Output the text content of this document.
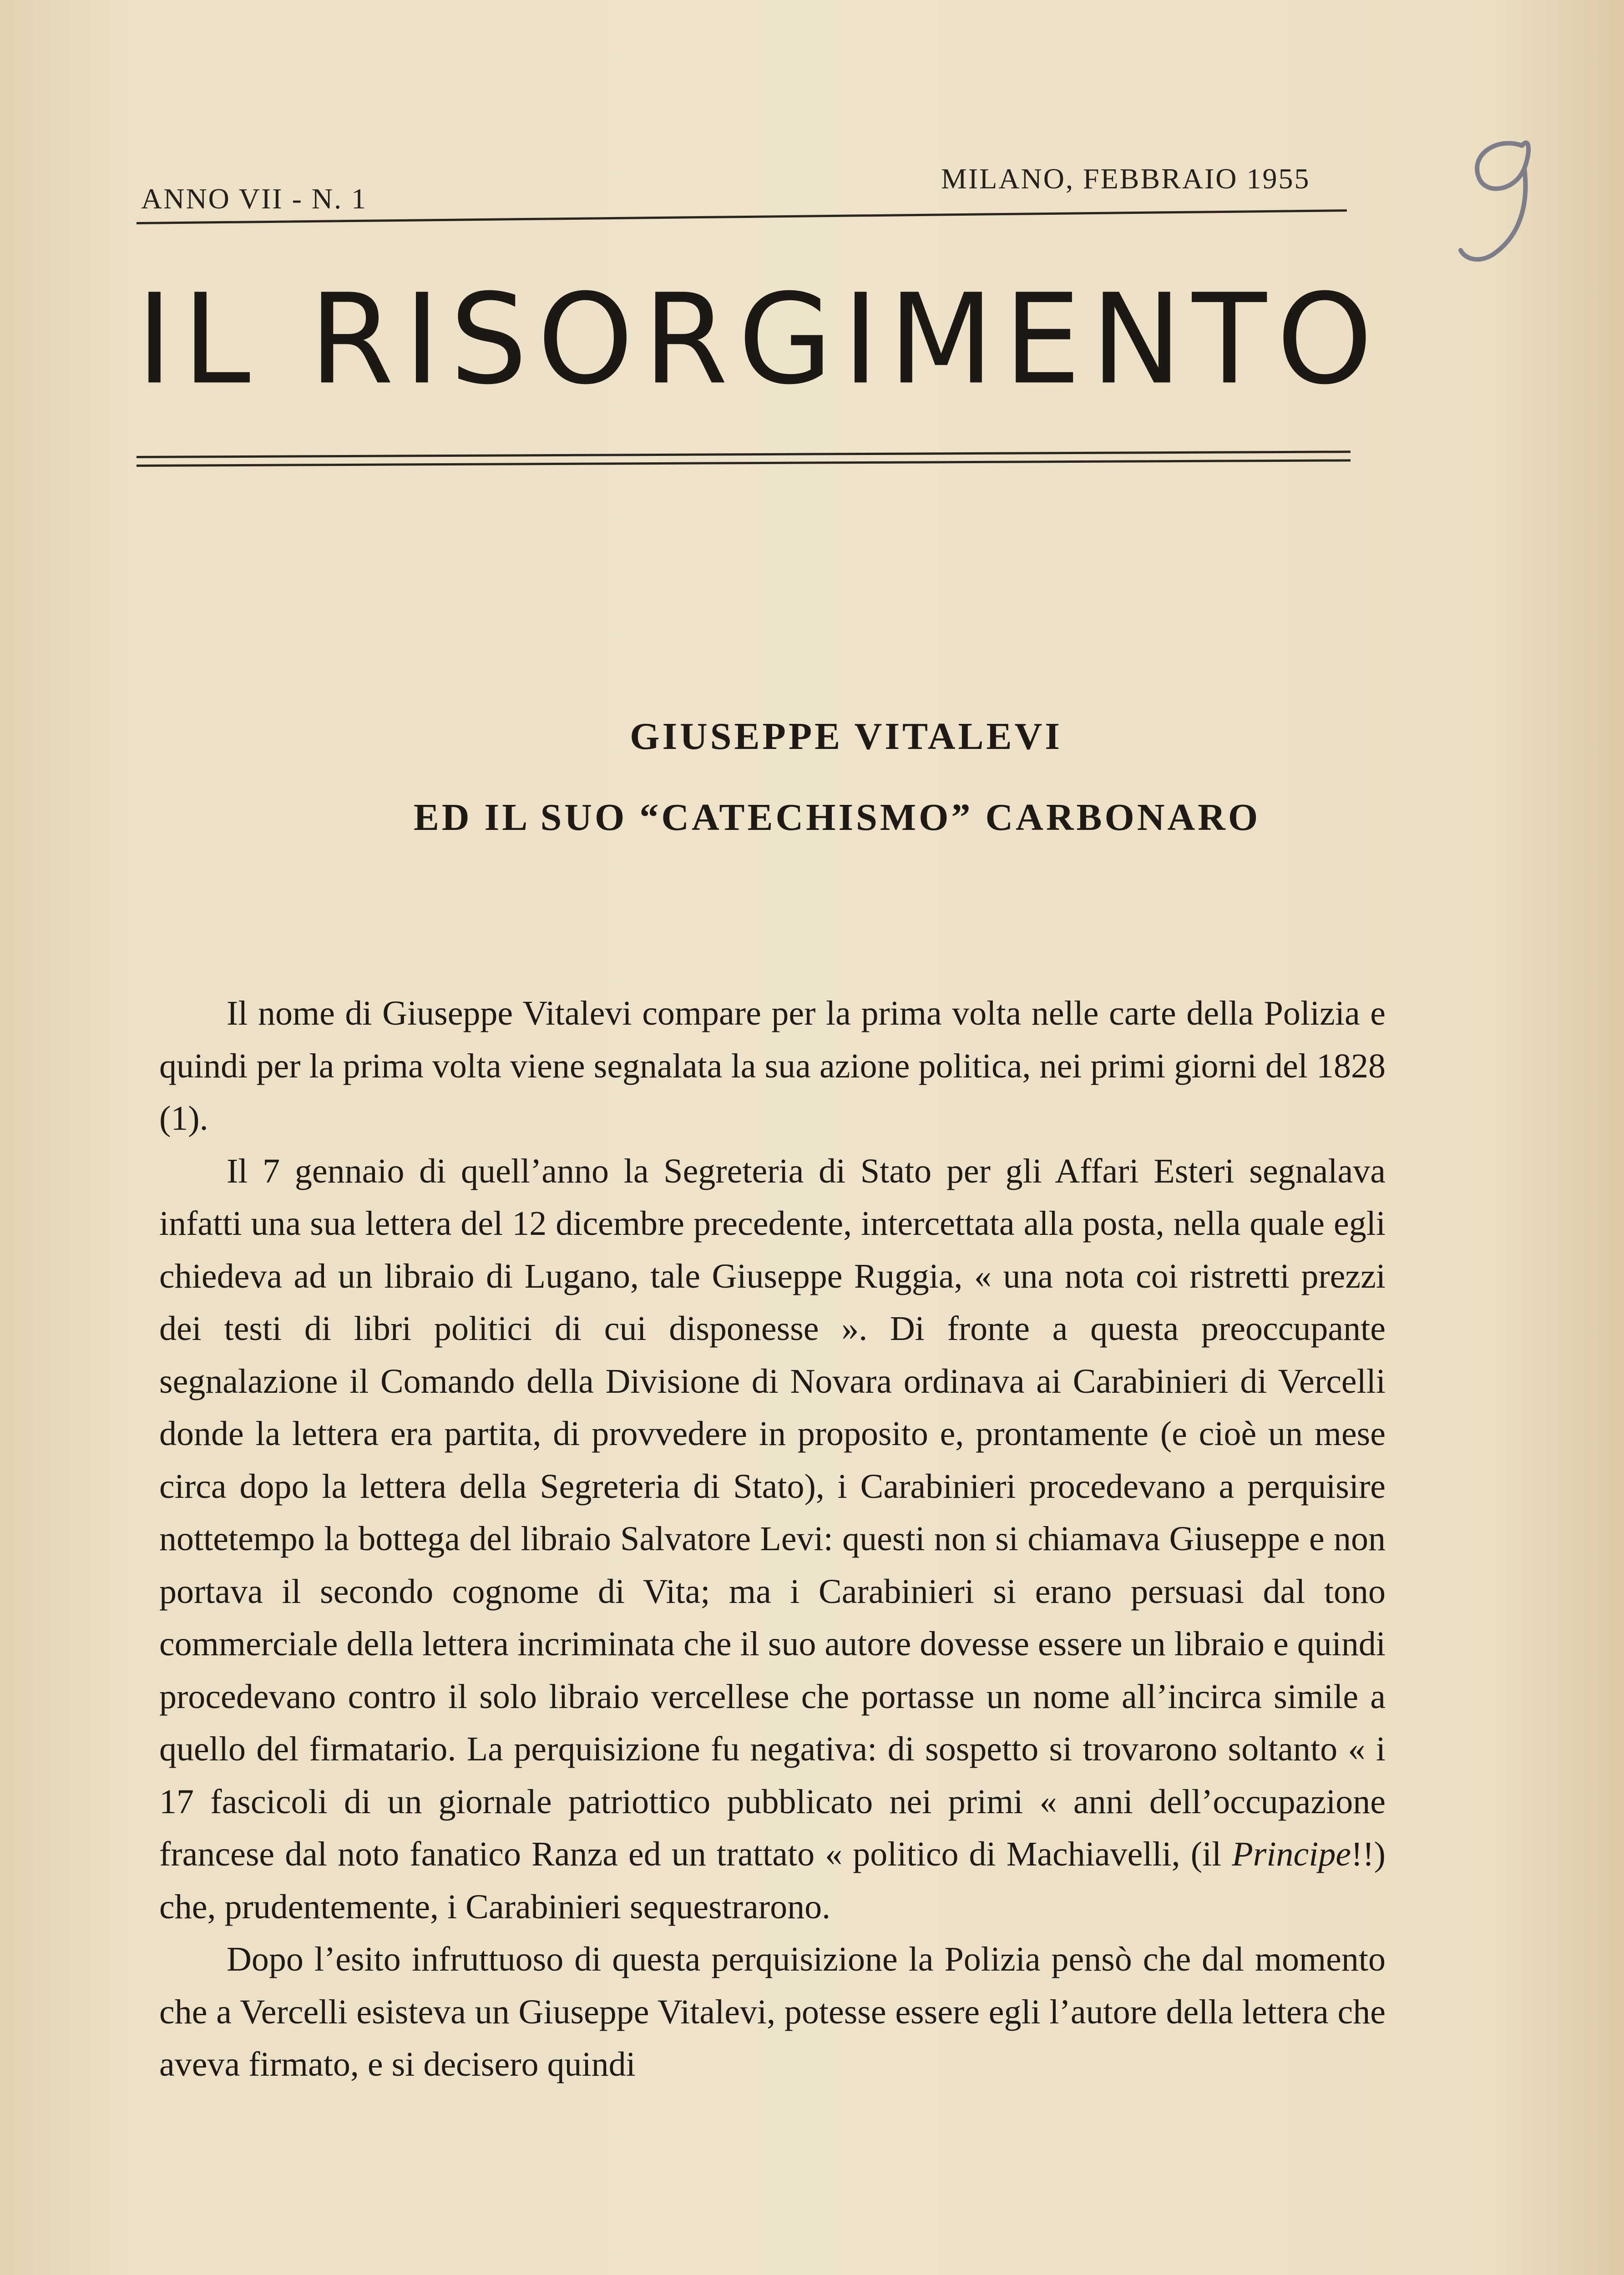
ANNO VII - N. 1
MILANO, FEBBRAIO 1955
IL RISORGIMENTO
GIUSEPPE VITALEVI
ED IL SUO “CATECHISMO” CARBONARO

Il nome di Giuseppe Vitalevi compare per la prima volta nelle carte della Polizia e quindi per la prima volta viene segnalata la sua azione politica, nei primi giorni del 1828 (1).

Il 7 gennaio di quell’anno la Segreteria di Stato per gli Affari Esteri segnalava infatti una sua lettera del 12 dicembre precedente, intercettata alla posta, nella quale egli chiedeva ad un libraio di Lugano, tale Giuseppe Ruggia, « una nota coi ristretti prezzi dei testi di libri politici di cui disponesse ». Di fronte a questa preoccupante segnalazione il Comando della Divisione di Novara ordinava ai Carabinieri di Vercelli donde la lettera era partita, di provvedere in proposito e, prontamente (e cioè un mese circa dopo la lettera della Segreteria di Stato), i Carabinieri procedevano a perquisire nottetempo la bottega del libraio Salvatore Levi: questi non si chiamava Giuseppe e non portava il secondo cognome di Vita; ma i Carabinieri si erano persuasi dal tono commerciale della lettera incriminata che il suo autore dovesse essere un libraio e quindi procedevano contro il solo libraio vercellese che portasse un nome all’incirca simile a quello del firmatario. La perquisizione fu negativa: di sospetto si trovarono soltanto « i 17 fascicoli di un giornale patriottico pubblicato nei primi « anni dell’occupazione francese dal noto fanatico Ranza ed un trattato « politico di Machiavelli, (il Principe!!) che, prudentemente, i Carabinieri sequestrarono.

Dopo l’esito infruttuoso di questa perquisizione la Polizia pensò che dal momento che a Vercelli esisteva un Giuseppe Vitalevi, potesse essere egli l’autore della lettera che aveva firmato, e si decisero quindi
